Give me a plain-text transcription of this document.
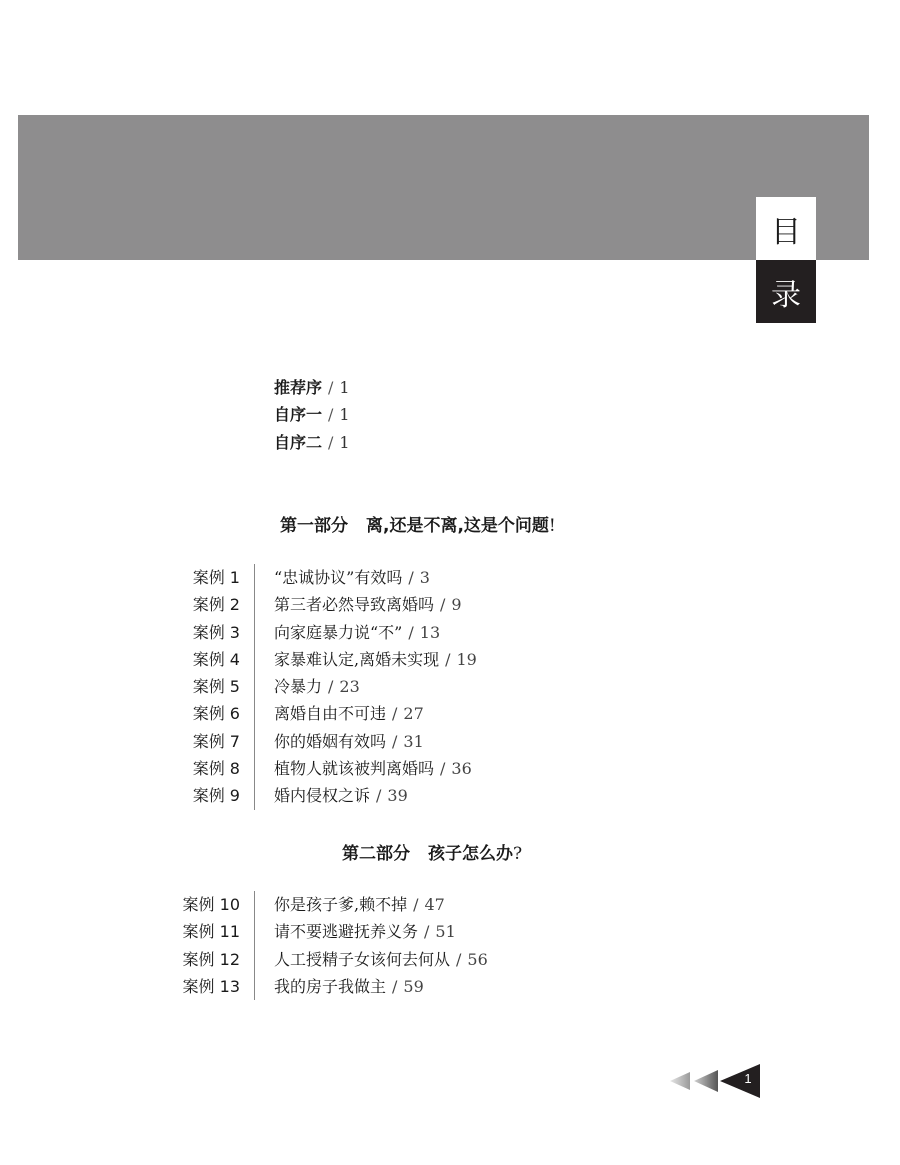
目
录
推荐序 / 1
自序一 / 1
自序二 / 1
第一部分 离,还是不离,这是个问题!
案例 1	“忠诚协议”有效吗 / 3
案例 2	第三者必然导致离婚吗 / 9
案例 3	向家庭暴力说“不” / 13
案例 4	家暴难认定,离婚未实现 / 19
案例 5	冷暴力 / 23
案例 6	离婚自由不可违 / 27
案例 7	你的婚姻有效吗 / 31
案例 8	植物人就该被判离婚吗 / 36
案例 9	婚内侵权之诉 / 39
第二部分 孩子怎么办?
案例 10	你是孩子爹,赖不掉 / 47
案例 11	请不要逃避抚养义务 / 51
案例 12	人工授精子女该何去何从 / 56
案例 13	我的房子我做主 / 59
1
